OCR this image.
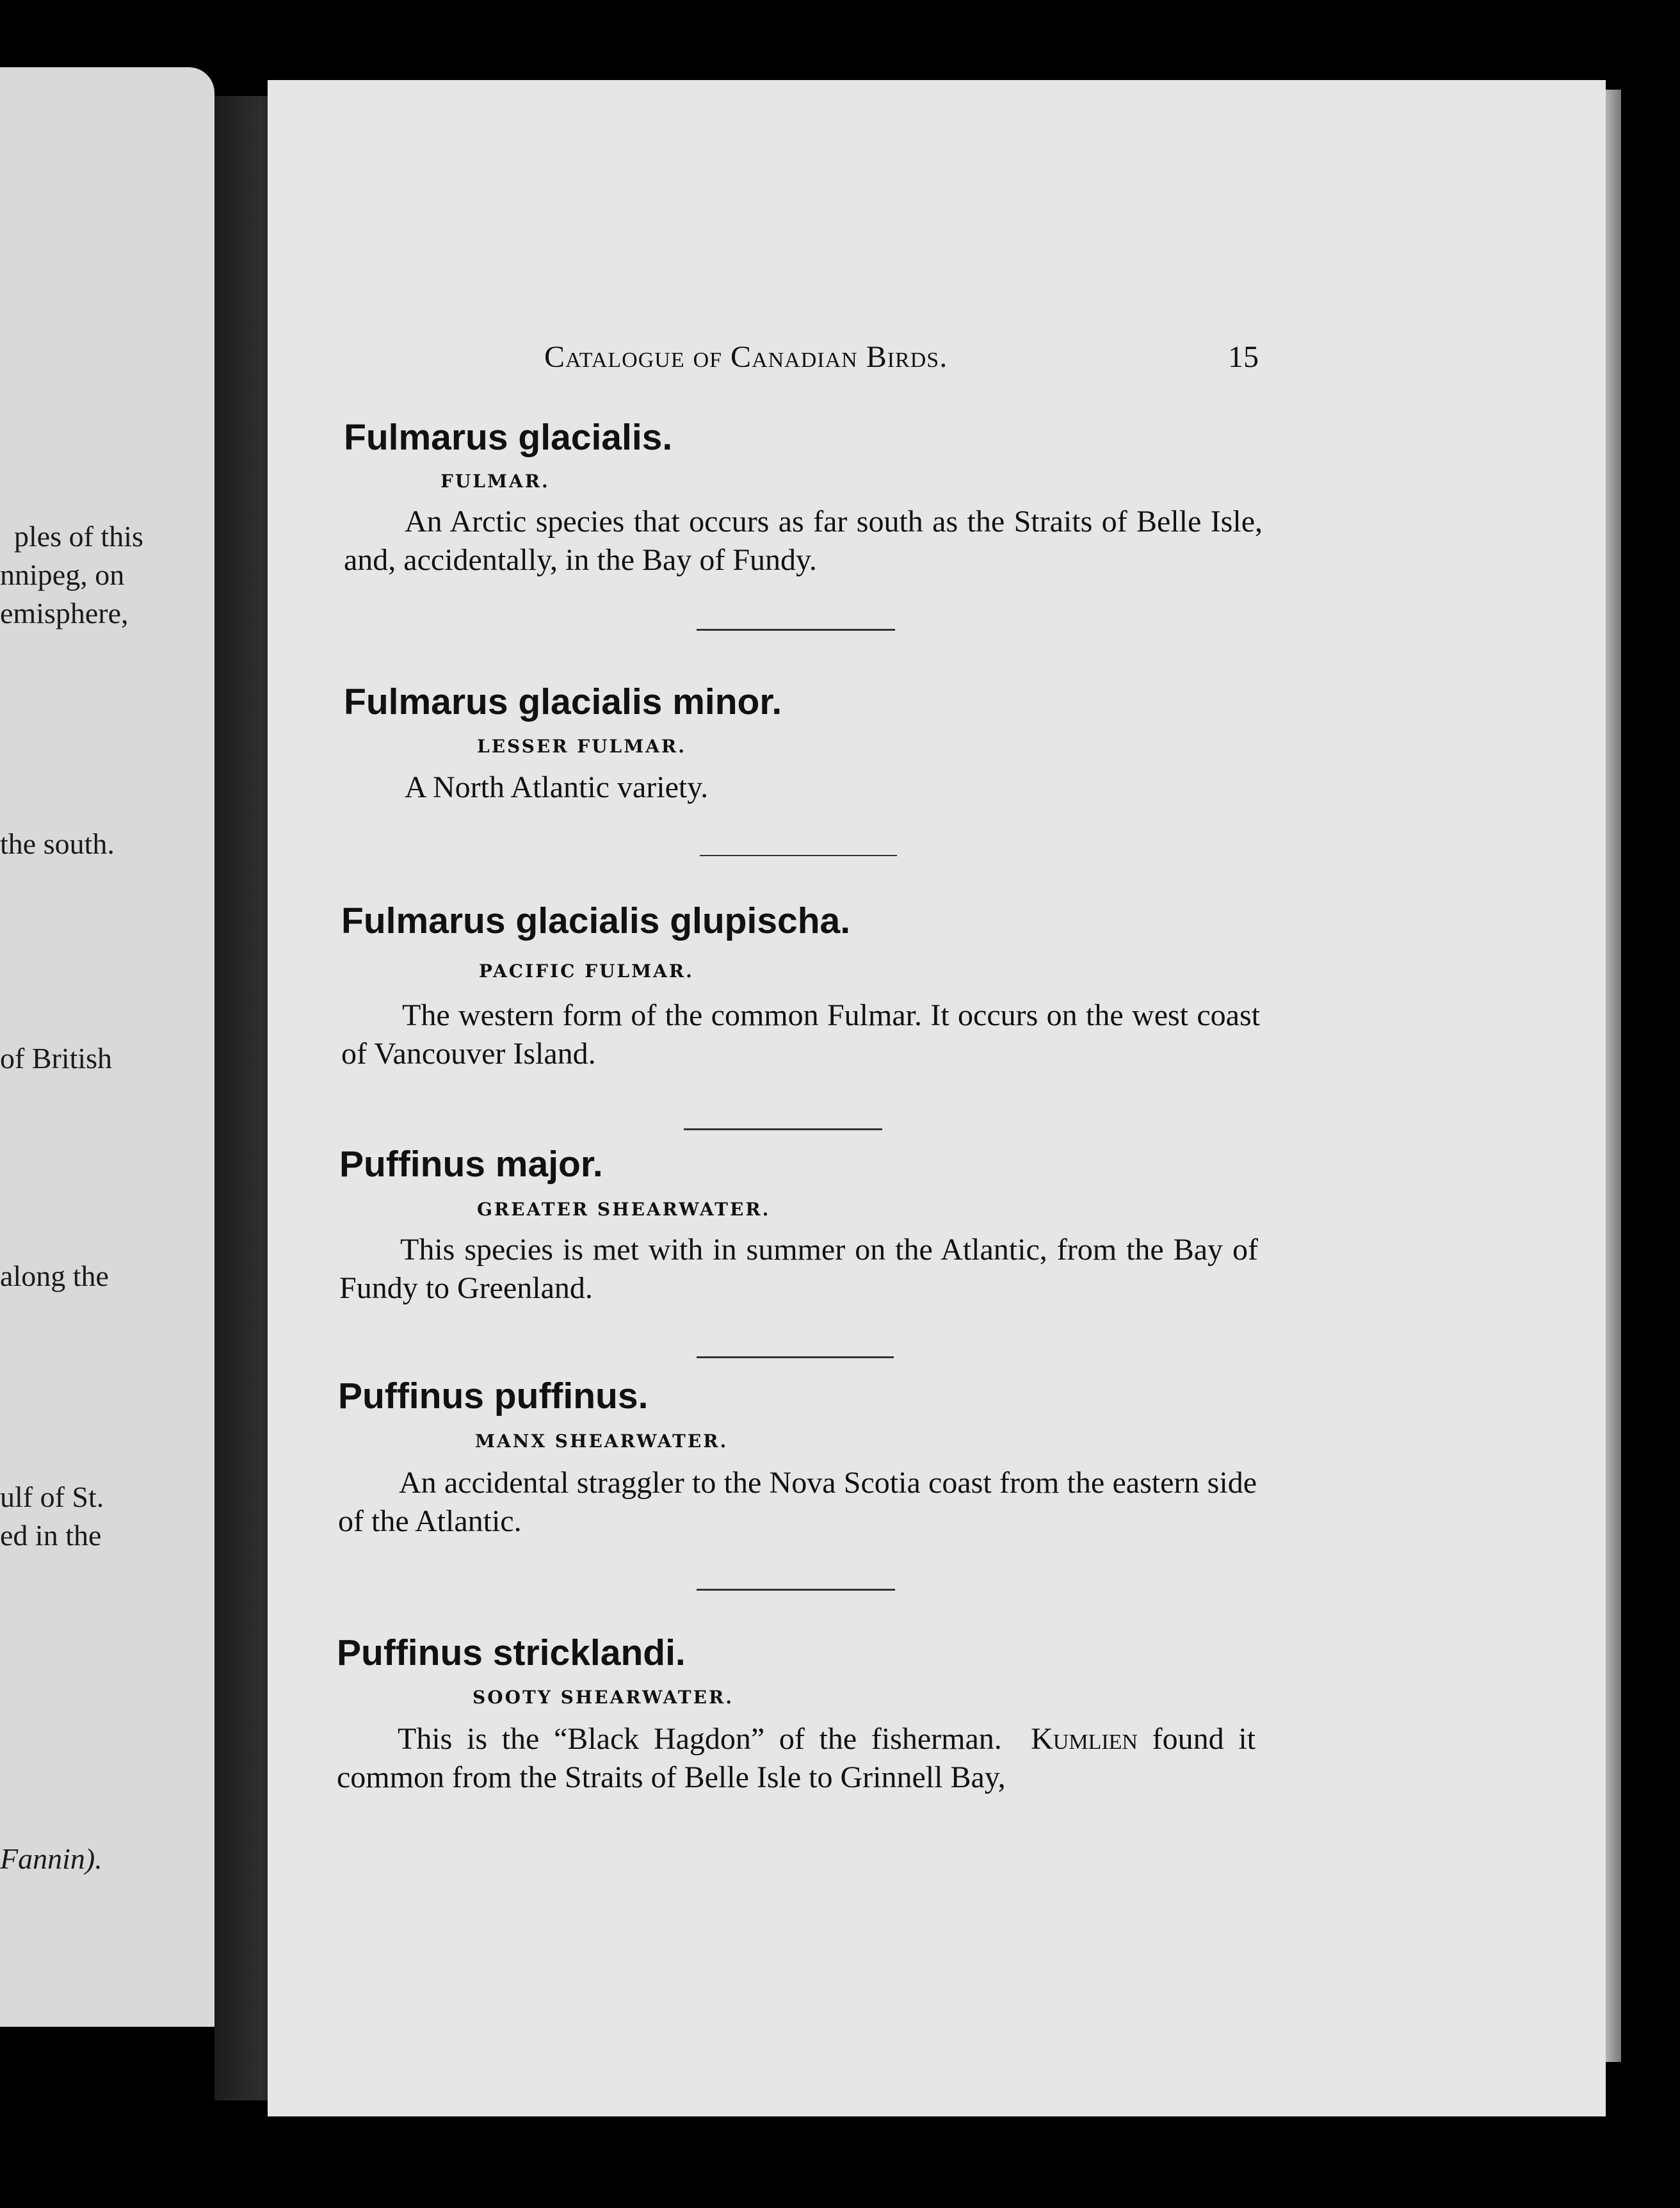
ples of this
nnipeg, on
emisphere,
the south.
of British
along the
ulf of St.
ed in the
Fannin).
Catalogue of Canadian Birds.	15
Fulmarus glacialis.
FULMAR.
An Arctic species that occurs as far south as the Straits of Belle Isle, and, accidentally, in the Bay of Fundy.
Fulmarus glacialis minor.
LESSER FULMAR.
A North Atlantic variety.
Fulmarus glacialis glupischa.
PACIFIC FULMAR.
The western form of the common Fulmar. It occurs on the west coast of Vancouver Island.
Puffinus major.
GREATER SHEARWATER.
This species is met with in summer on the Atlantic, from the Bay of Fundy to Greenland.
Puffinus puffinus.
MANX SHEARWATER.
An accidental straggler to the Nova Scotia coast from the eastern side of the Atlantic.
Puffinus stricklandi.
SOOTY SHEARWATER.
This is the “Black Hagdon” of the fisherman. Kumlien found it common from the Straits of Belle Isle to Grinnell Bay,
